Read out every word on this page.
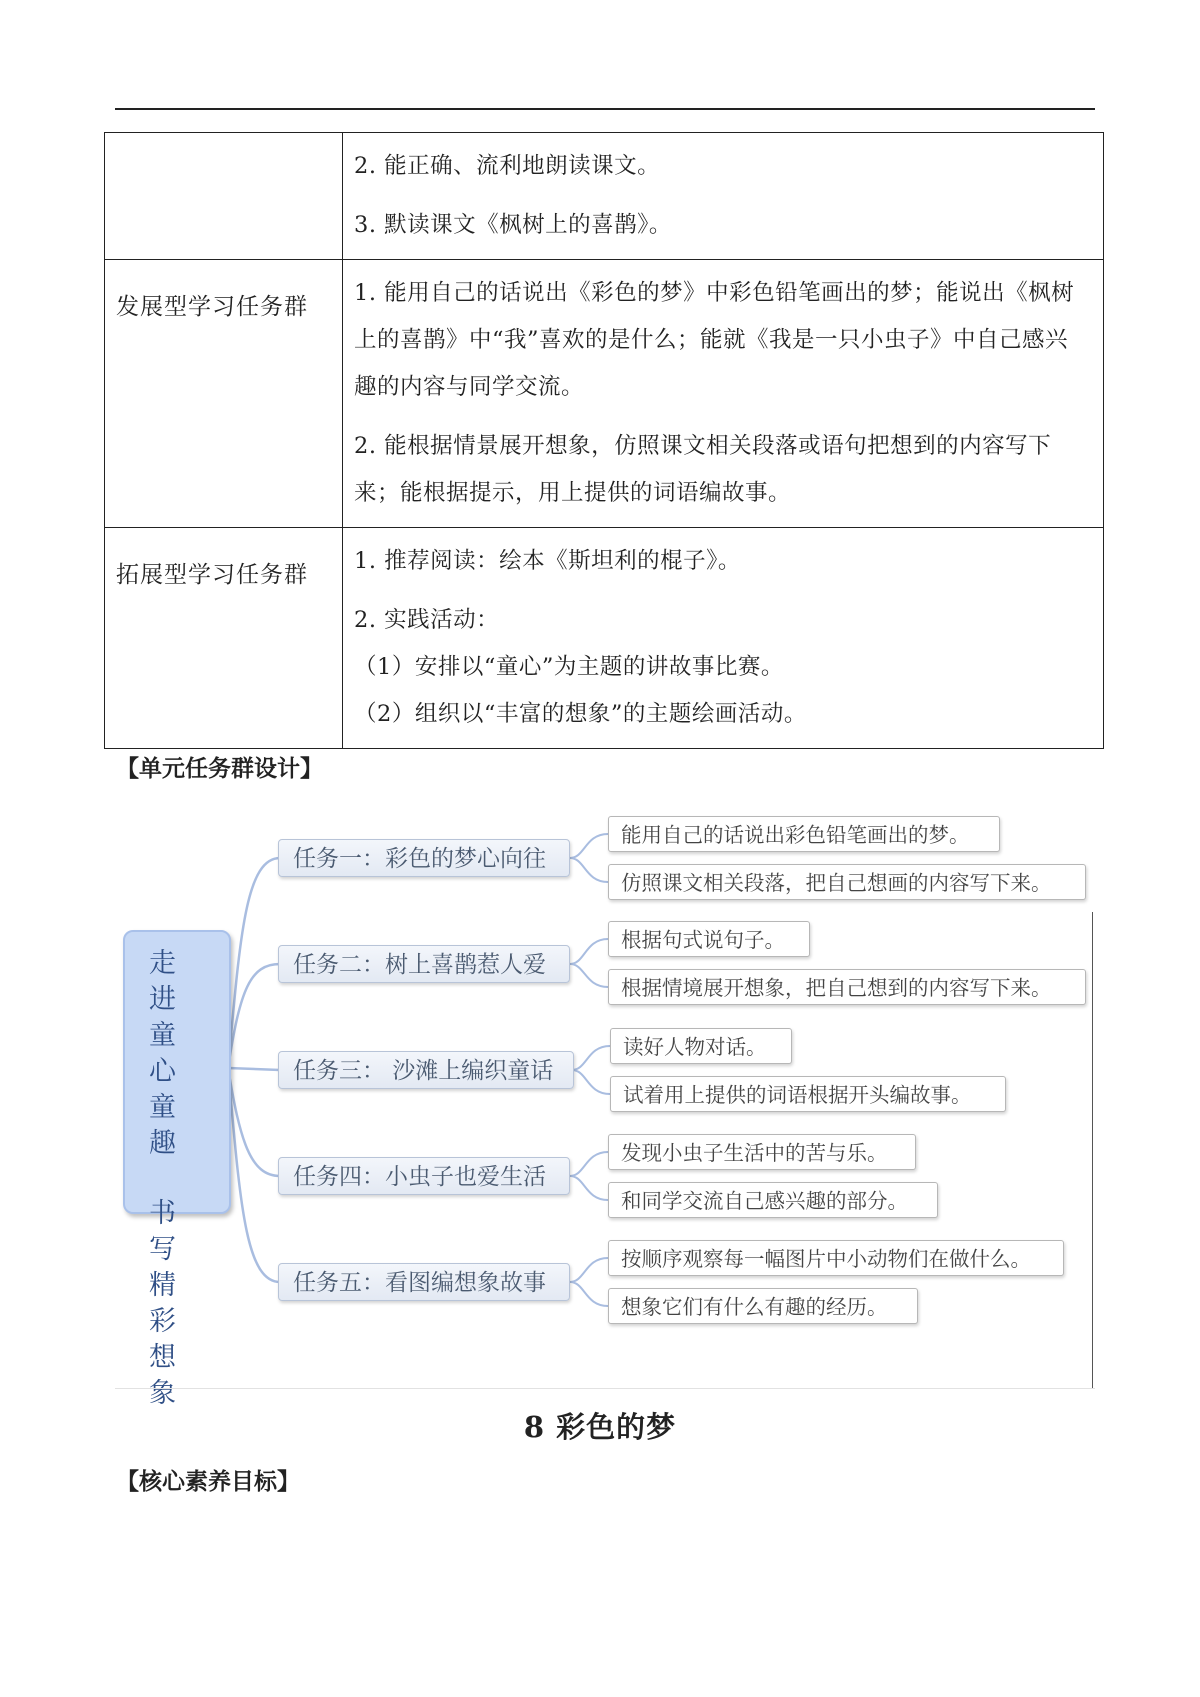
	2. 能正确、流利地朗读课文。

3. 默读课文《枫树上的喜鹊》。

发展型学习任务群	1. 能用自己的话说出《彩色的梦》中彩色铅笔画出的梦；能说出《枫树上的喜鹊》中“我”喜欢的是什么；能就《我是一只小虫子》中自己感兴趣的内容与同学交流。

2. 能根据情景展开想象，仿照课文相关段落或语句把想到的内容写下来；能根据提示，用上提供的词语编故事。

拓展型学习任务群	1. 推荐阅读：绘本《斯坦利的棍子》。

2. 实践活动：

（1）安排以“童心”为主题的讲故事比赛。

（2）组织以“丰富的想象”的主题绘画活动。

【单元任务群设计】
走进童心童趣
书写精彩想象
任务一：彩色的梦心向往
能用自己的话说出彩色铅笔画出的梦。
仿照课文相关段落，把自己想画的内容写下来。
任务二：树上喜鹊惹人爱
根据句式说句子。
根据情境展开想象，把自己想到的内容写下来。
任务三： 沙滩上编织童话
读好人物对话。
试着用上提供的词语根据开头编故事。
任务四：小虫子也爱生活
发现小虫子生活中的苦与乐。
和同学交流自己感兴趣的部分。
任务五：看图编想象故事
按顺序观察每一幅图片中小动物们在做什么。
想象它们有什么有趣的经历。
8 彩色的梦
【核心素养目标】
